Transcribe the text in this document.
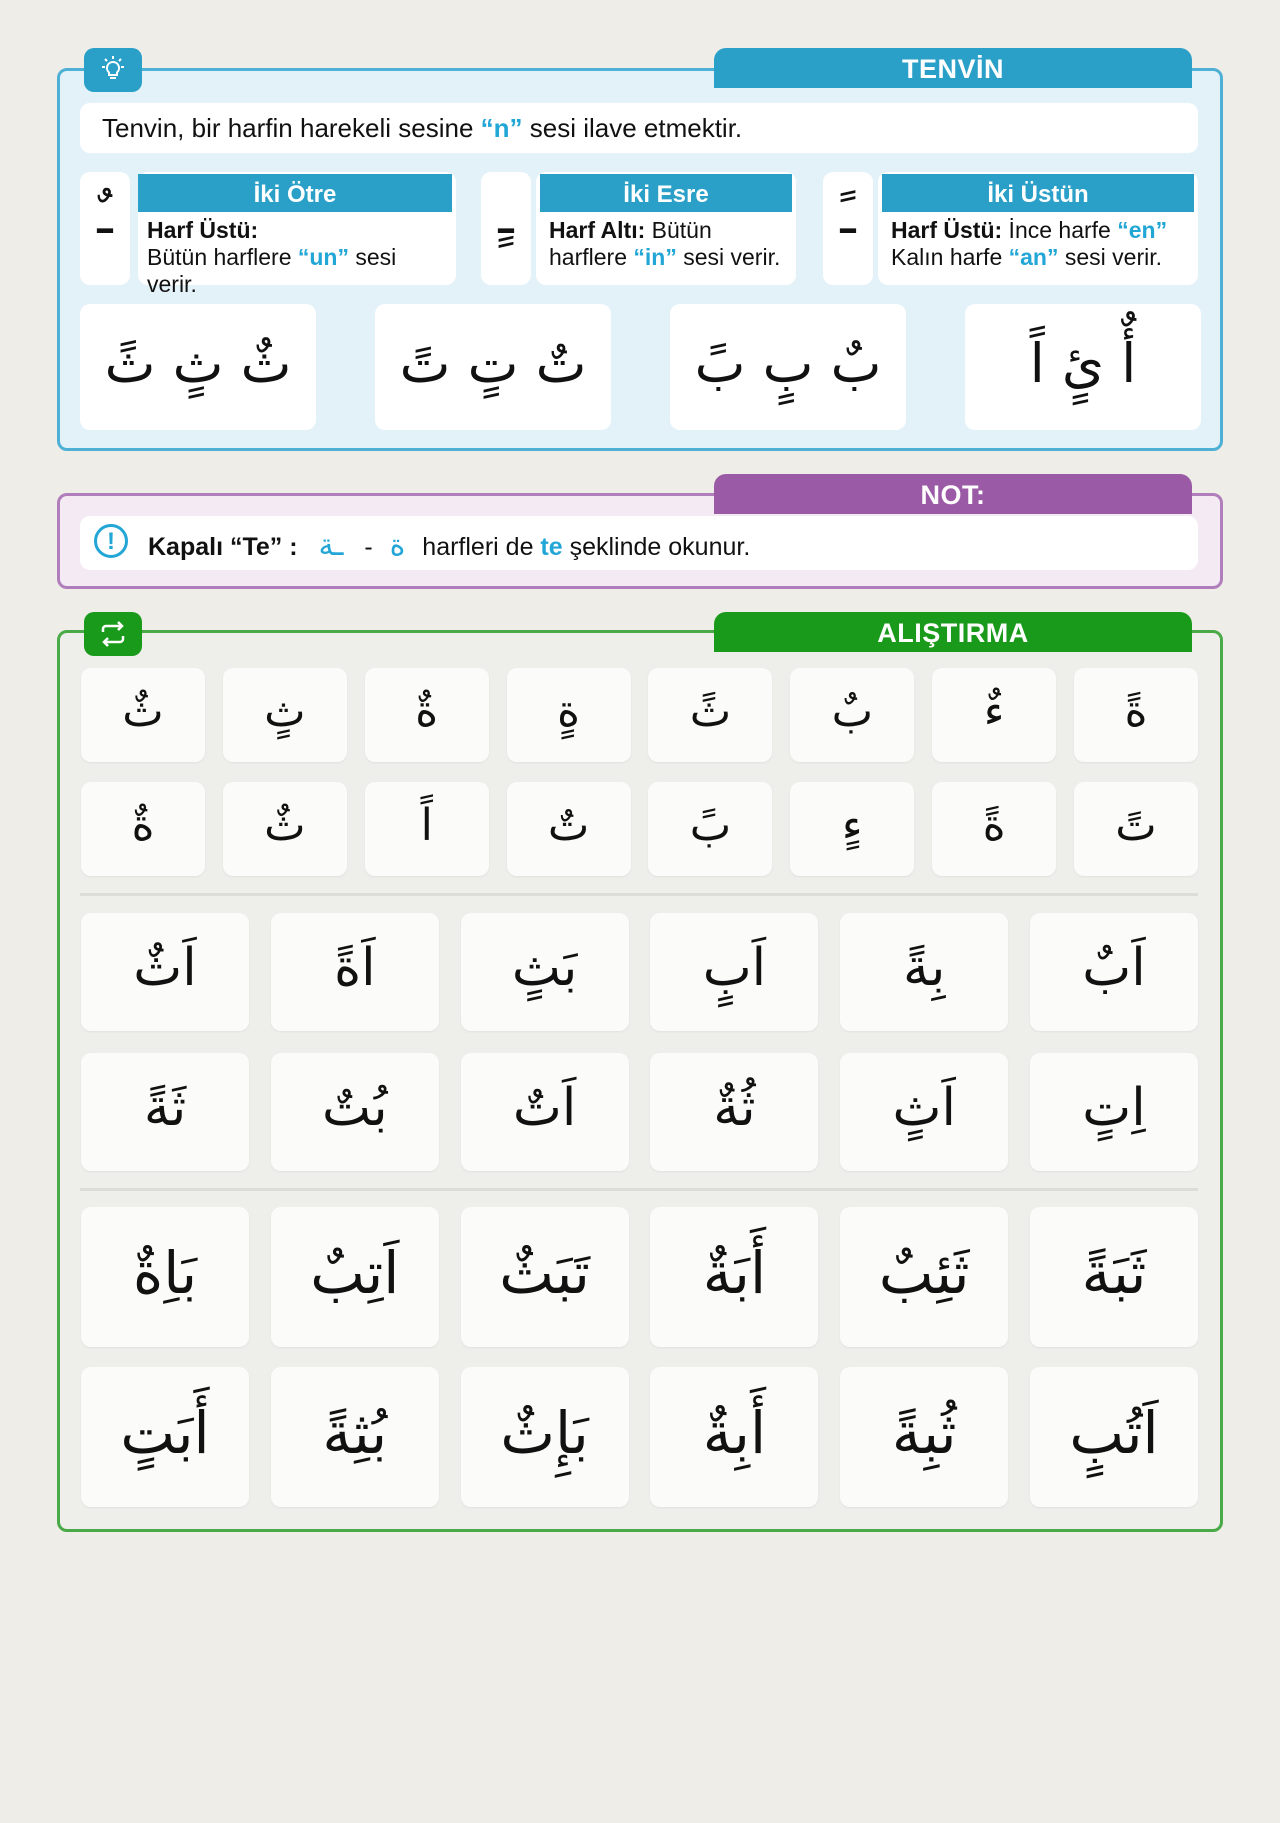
TENVİN
Tenvin, bir harfin harekeli sesine “n” sesi ilave etmektir.
ـٌ	İki Ötre
Harf Üstü:
Bütün harflere “un” sesi verir.
ـٍ	İki Esre
Harf Altı: Bütün
harflere “in” sesi verir.
ـً	İki Üstün
Harf Üstü: İnce harfe “en”
Kalın harfe “an” sesi verir.
ثٌ ثٍ ثً	تٌ تٍ تً	بٌ بٍ بً	أٌ ئٍ اً
NOT:
!	Kapalı “Te” :	ة - ـة	harfleri de te şeklinde okunur.
ALIŞTIRMA
ثٌ	ثٍ	ةٌ	ةٍ	ثً	بٌ	ءٌ	ةً
ةٌ	ثٌ	اً	تٌ	بً	ءٍ	ةً	تً
اَثٌ	اَةً	بَثٍ	اَبٍ	بِةً	اَبٌ
ثَةً	بُتٌ	اَتٌ	ثُةٌ	اَثٍ	اِتٍ
بَاِةٌ	اَتِبٌ	تَبَثٌ	أَبَةٌ	ثَئِبٌ	ثَبَةً
أَبَتٍ	بُثِةً	بَإِثٌ	أَبِةٌ	ثُبِةً	اَتُبٍ
